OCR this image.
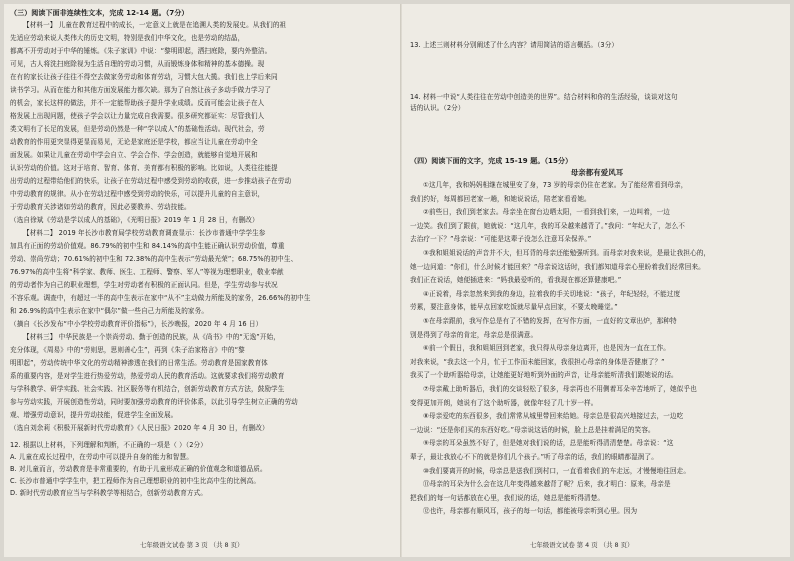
（三）阅读下面非连续性文本，完成 12-14 题。（7分）
【材料一】 儿童在教育过程中的成长，一定意义上就是在追溯人类的发展史。从我们的祖
先适应劳动来说人类伟大的历史文明，特别是我们中华文化，也是劳动的结晶，
都离不开劳动对于中华的锤炼。《朱子家训》中说：“黎明即起，洒扫庭除，要内外整洁。
可见，古人将洗扫庭除视为生活自理的劳动习惯，从而锻炼身体和精神的基本德操。现
在有的家长让孩子往往不得空去做家务劳动和体育劳动，习惯大包大揽。我们也上学后来同
读书学习。从而在能力和其他方面发展能力都欠缺。那为了自然让孩子多动手做力学习了
的机会，家长这样的做法，并不一定能帮助孩子提升学业成绩。反而可能会让孩子在人
格发展上出现问题，使孩子学会以让力量完成自我需要。很多研究都证实：尽管我们人
类文明有了长足的发展，但是劳动仍然是一种“学以成人”的基础性活动。现代社会，劳
动教育的作用更突显得更显而易见，无论是家庭还是学校，都应当让儿童在劳动中全
面发展。如果让儿童在劳动中学会自立、学会合作、学会创造，就能够自觉地开展和
认识劳动的价值。这对于培育、智育、体育、美育都有积极的影响。比如说，人类往往能提
出劳动的过程带给他们的快乐，让孩子在劳动过程中感受到劳动的收获，进一步推动孩子在劳动
中劳动教育的规律。从小在劳动过程中感受到劳动的快乐，可以提升儿童的自主意识，
于劳动教育关涉诸如劳动的教育，因此必要教养、劳动技能。
（选自徐斌《劳动是学以成人的基础》，《光明日报》2019 年 1 月 28 日，有删改）
【材料二】 2019 年长沙市教育局学校劳动教育调查显示：长沙市普通中学学生参
加具有正面的劳动价值观。86.79%的初中生和 84.14%的高中生能正确认识劳动价值，尊重
劳动、崇尚劳动；70.61%的初中生和 72.38%的高中生表示“劳动最光荣”；68.75%的初中生、
76.97%的高中生将“科学家、教师、医生、工程师、警察、军人”等视为理想职业，敬业奉献
的劳动者作为自己的职业理想，学生对劳动者有积极的正面认同。但是，学生劳动参与状况
不容乐观。调查中，有超过一半的高中生表示在家中“从不”主动做力所能及的家务，26.66%的初中生
和 26.9%的高中生表示在家中“偶尔”做一些自己力所能及的家务。
（摘自《长沙发布“中小学校劳动教育评价指标”》，长沙晚报，2020 年 4 月 16 日）
【材料三】 中华民族是一个崇尚劳动、勤于创造的民族，从《尚书》中的“无逸”开始，
充分体现，《周易》中的“劳则思，思则善心生”，再到《朱子治家格言》中的“黎
明即起”，劳动传统中华文化的劳动精神渗透在我们的日常生活。劳动教育是国家教育体
系的重要内容，是对学生进行热爱劳动，热爱劳动人民的教育活动。这就要求我们将劳动教育
与学科教学、研学实践、社会实践、社区服务等有机结合，创新劳动教育方式方法，鼓励学生
参与劳动实践，开展创造性劳动，同时要加强劳动教育的评价体系，以此引导学生树立正确的劳动
观、增强劳动意识，提升劳动技能，促进学生全面发展。
（选自刘余莉《积极开展新时代劳动教育》《人民日报》2020 年 4 月 30 日，有删改）
12. 根据以上材料，下列理解和判断，不正确的一项是（ ）（2分）
A. 儿童在成长过程中，在劳动中可以提升自身的能力和智慧。
B. 对儿童而言，劳动教育是非常重要的，有助于儿童形成正确的价值观念和道德品质。
C. 长沙市普通中学学生中，把工程师作为自己理想职业的初中生比高中生的比例高。
D. 新时代劳动教育应当与学科教学等相结合，创新劳动教育方式。
七年级语文试卷 第 3 页 （共 8 页）
13. 上述三则材料分别阐述了什么内容？请用简洁的语言概括。（3分）
14. 材料一中说“人类往往在劳动中创造美的世界”。结合材料和你的生活经验，谈谈对这句
话的认识。（2分）
（四）阅读下面的文字，完成 15-19 题。（15分）
母亲都有爱风耳
①这几年，我和妈妈相继在城里安了身，73 岁的母亲仍住在老家。为了能经常看到母亲，
我们约好，每周都回老家一趟，和她说说话，陪老家看看她。
②前些日，我们到老家去。母亲坐在窗台边晒太阳，一看到我们来，一边叫着，一边
一边笑。我们到了跟前，她就说：“这几年，我的耳朵越来越背了。”我问：“年纪大了，怎么不
去治疗一下？”母亲说：“可能是这辈子没怎么注意耳朵保养。”
③我和姐姐说话的声音并不大，但耳背的母亲还能勉强听到。而母亲对我来说，是最让我担心的，
她一边问道：“你们，什么时候才能回来？”母亲说这话时，我们都知道母亲心里盼着我们经常回来。
我们正在说话，她便插进来：“妈我最爱听的，看我现在都还算健康吧。”
④正说着，母亲忽然来到我的身边，拉着我的手关切地说：“孩子，年纪轻轻，不能过度
劳累，要注意身体，能早点回家吃饭就尽量早点回家，不要太晚睡觉。”
⑤在母亲跟前，我写作总是有了不错的发挥，在写作方面，一直好的文章出炉，那种特
别是得到了母亲的肯定，母亲总是很满意。
⑥前一个假日，我和姐姐回到老家，我只得从母亲身边离开，也是因为一直在工作。
对我来说，“我去这一个月，忙于工作而未能回家，我很担心母亲的身体是否健康了？”
我买了一个助听器给母亲，让她能更好地听到外面的声音，让母亲能听清我们跟她说的话。
⑦母亲戴上助听器后，我们的交谈轻松了很多，母亲再也不用侧着耳朵辛苦地听了，她似乎也
变得更加开朗，她说有了这个助听器，就像年轻了几十岁一样。
⑧母亲爱吃的东西很多，我们常常从城里带回来给她。母亲总是很高兴地接过去，一边吃
一边说：“还是你们买的东西好吃。”母亲说这话的时候，脸上总是挂着满足的笑容。
⑨母亲的耳朵虽然不好了，但是她对我们说的话，总是能听得清清楚楚。母亲说：“这
辈子，最让我放心不下的就是你们几个孩子。”听了母亲的话，我们的眼睛都湿润了。
⑩我们要离开的时候，母亲总是送我们到村口，一直看着我们的车走远，才慢慢地往回走。
⑪母亲的耳朵为什么会在这几年变得越来越背了呢？后来，我才明白：原来，母亲是
把我们的每一句话都放在心里，我们说的话，她总是能听得清楚。
⑫也许，母亲都有顺风耳，孩子的每一句话，都能被母亲听到心里。因为
七年级语文试卷 第 4 页 （共 8 页）
